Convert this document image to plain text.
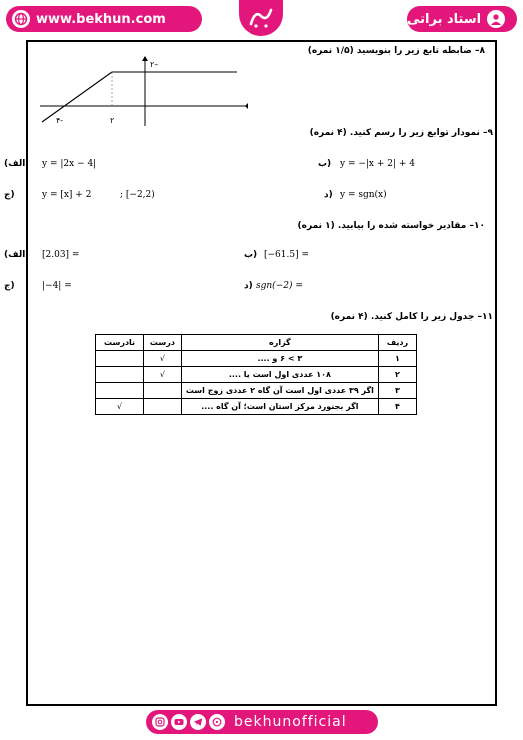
www.bekhun.com	استاد براتی
۸– ضابطه تابع زیر را بنویسید (۱/۵ نمره)
۲–
۴-	۲
۹– نمودار توابع زیر را رسم کنید. (۴ نمره)
(الف y = |2x − 4|	ب) y = −|x + 2| + 4
ج)	y = [x] + 2	; [−2,2)	د) y = sgn(x)
۱۰– مقادیر خواسته شده را بیابید. (۱ نمره)
(الف [2.03] =	ب) [−61.5] =
ج)	|−4| =	د) sgn(−2) =
۱۱– جدول زیر را کامل کنید. (۴ نمره)
ردیف	گزاره	درست	نادرست
۱	۳ > ۶ و ....	√	
۲	۱۰۸ عددی اول است یا ....	√	
۳	اگر ۳۹ عددی اول است آن گاه ۲ عددی زوج است		
۴	اگر بجنورد مرکز استان است؛ آن گاه ....		√
bekhunofficial
